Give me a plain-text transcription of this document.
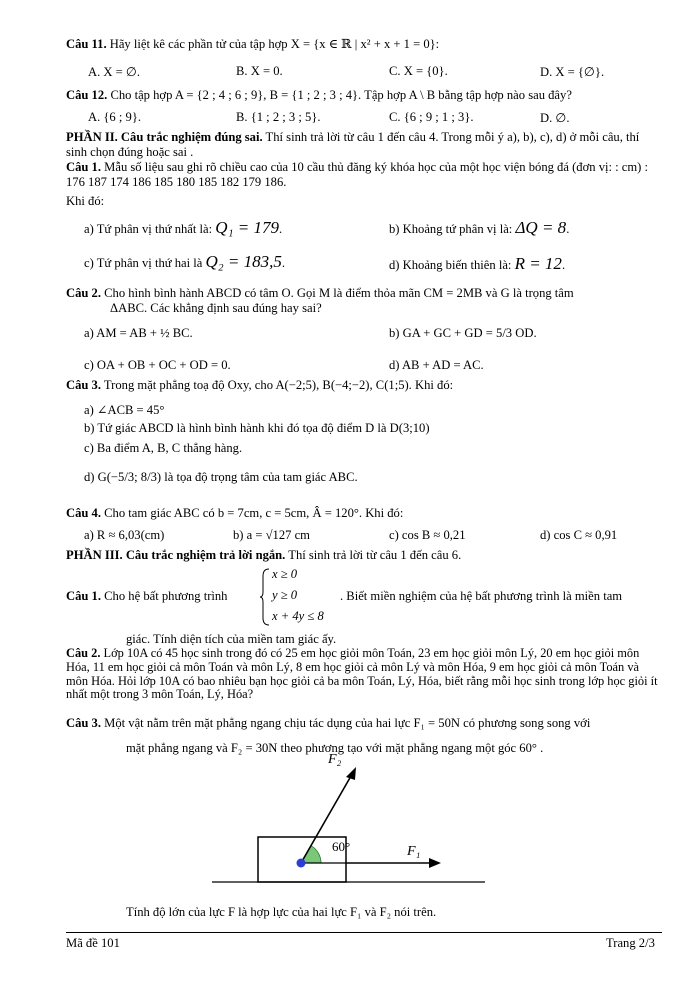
Câu 11. Hãy liệt kê các phần tử của tập hợp X = {x ∈ ℝ | x² + x + 1 = 0}:
A. X = ∅.	B. X = 0.	C. X = {0}.	D. X = {∅}.
Câu 12. Cho tập hợp A = {2 ; 4 ; 6 ; 9}, B = {1 ; 2 ; 3 ; 4}. Tập hợp A \ B bằng tập hợp nào sau đây?
A. {6 ; 9}.	B. {1 ; 2 ; 3 ; 5}.	C. {6 ; 9 ; 1 ; 3}.	D. ∅.
PHẦN II. Câu trắc nghiệm đúng sai. Thí sinh trả lời từ câu 1 đến câu 4. Trong mỗi ý a), b), c), d) ở mỗi câu, thí sinh chọn đúng hoặc sai .
Câu 1. Mẫu số liệu sau ghi rõ chiều cao của 10 cầu thủ đăng ký khóa học của một học viện bóng đá (đơn vị: : cm) : 176 187 174 186 185 180 185 182 179 186.
Khi đó:
a) Tứ phân vị thứ nhất là: Q₁ = 179.	b) Khoảng tứ phân vị là: ΔQ = 8.
c) Tứ phân vị thứ hai là Q₂ = 183,5.	d) Khoảng biến thiên là: R = 12.
Câu 2. Cho hình bình hành ABCD có tâm O. Gọi M là điểm thỏa mãn CM = 2MB và G là trọng tâm
ΔABC. Các khẳng định sau đúng hay sai?
a) AM = AB + ½ BC.	b) GA + GC + GD = 5/3 OD.
c) OA + OB + OC + OD = 0.	d) AB + AD = AC.
Câu 3. Trong mặt phẳng toạ độ Oxy, cho A(−2;5), B(−4;−2), C(1;5). Khi đó:
a) ∠ACB = 45°
b) Tứ giác ABCD là hình bình hành khi đó tọa độ điểm D là D(3;10)
c) Ba điểm A, B, C thẳng hàng.
d) G(−5/3; 8/3) là tọa độ trọng tâm của tam giác ABC.
Câu 4. Cho tam giác ABC có b = 7cm, c = 5cm, Â = 120°. Khi đó:
a) R ≈ 6,03(cm)	b) a = √127 cm	c) cos B ≈ 0,21	d) cos C ≈ 0,91
PHẦN III. Câu trắc nghiệm trả lời ngắn. Thí sinh trả lời từ câu 1 đến câu 6.
Câu 1. Cho hệ bất phương trình
x ≥ 0
y ≥ 0
x + 4y ≤ 8
. Biết miền nghiệm của hệ bất phương trình là miền tam
giác. Tính diện tích của miền tam giác ấy.
Câu 2. Lớp 10A có 45 học sinh trong đó có 25 em học giỏi môn Toán, 23 em học giỏi môn Lý, 20 em học giỏi môn Hóa, 11 em học giỏi cả môn Toán và môn Lý, 8 em học giỏi cả môn Lý và môn Hóa, 9 em học giỏi cả môn Toán và môn Hóa. Hỏi lớp 10A có bao nhiêu bạn học giỏi cả ba môn Toán, Lý, Hóa, biết rằng mỗi học sinh trong lớp học giỏi ít nhất một trong 3 môn Toán, Lý, Hóa?
Câu 3. Một vật nằm trên mặt phẳng ngang chịu tác dụng của hai lực F₁ = 50N có phương song song với
mặt phẳng ngang và F₂ = 30N theo phương tạo với mặt phẳng ngang một góc 60° .
F₂
60°	F₁
Tính độ lớn của lực F là hợp lực của hai lực F₁ và F₂ nói trên.
Mã đề 101	Trang 2/3
